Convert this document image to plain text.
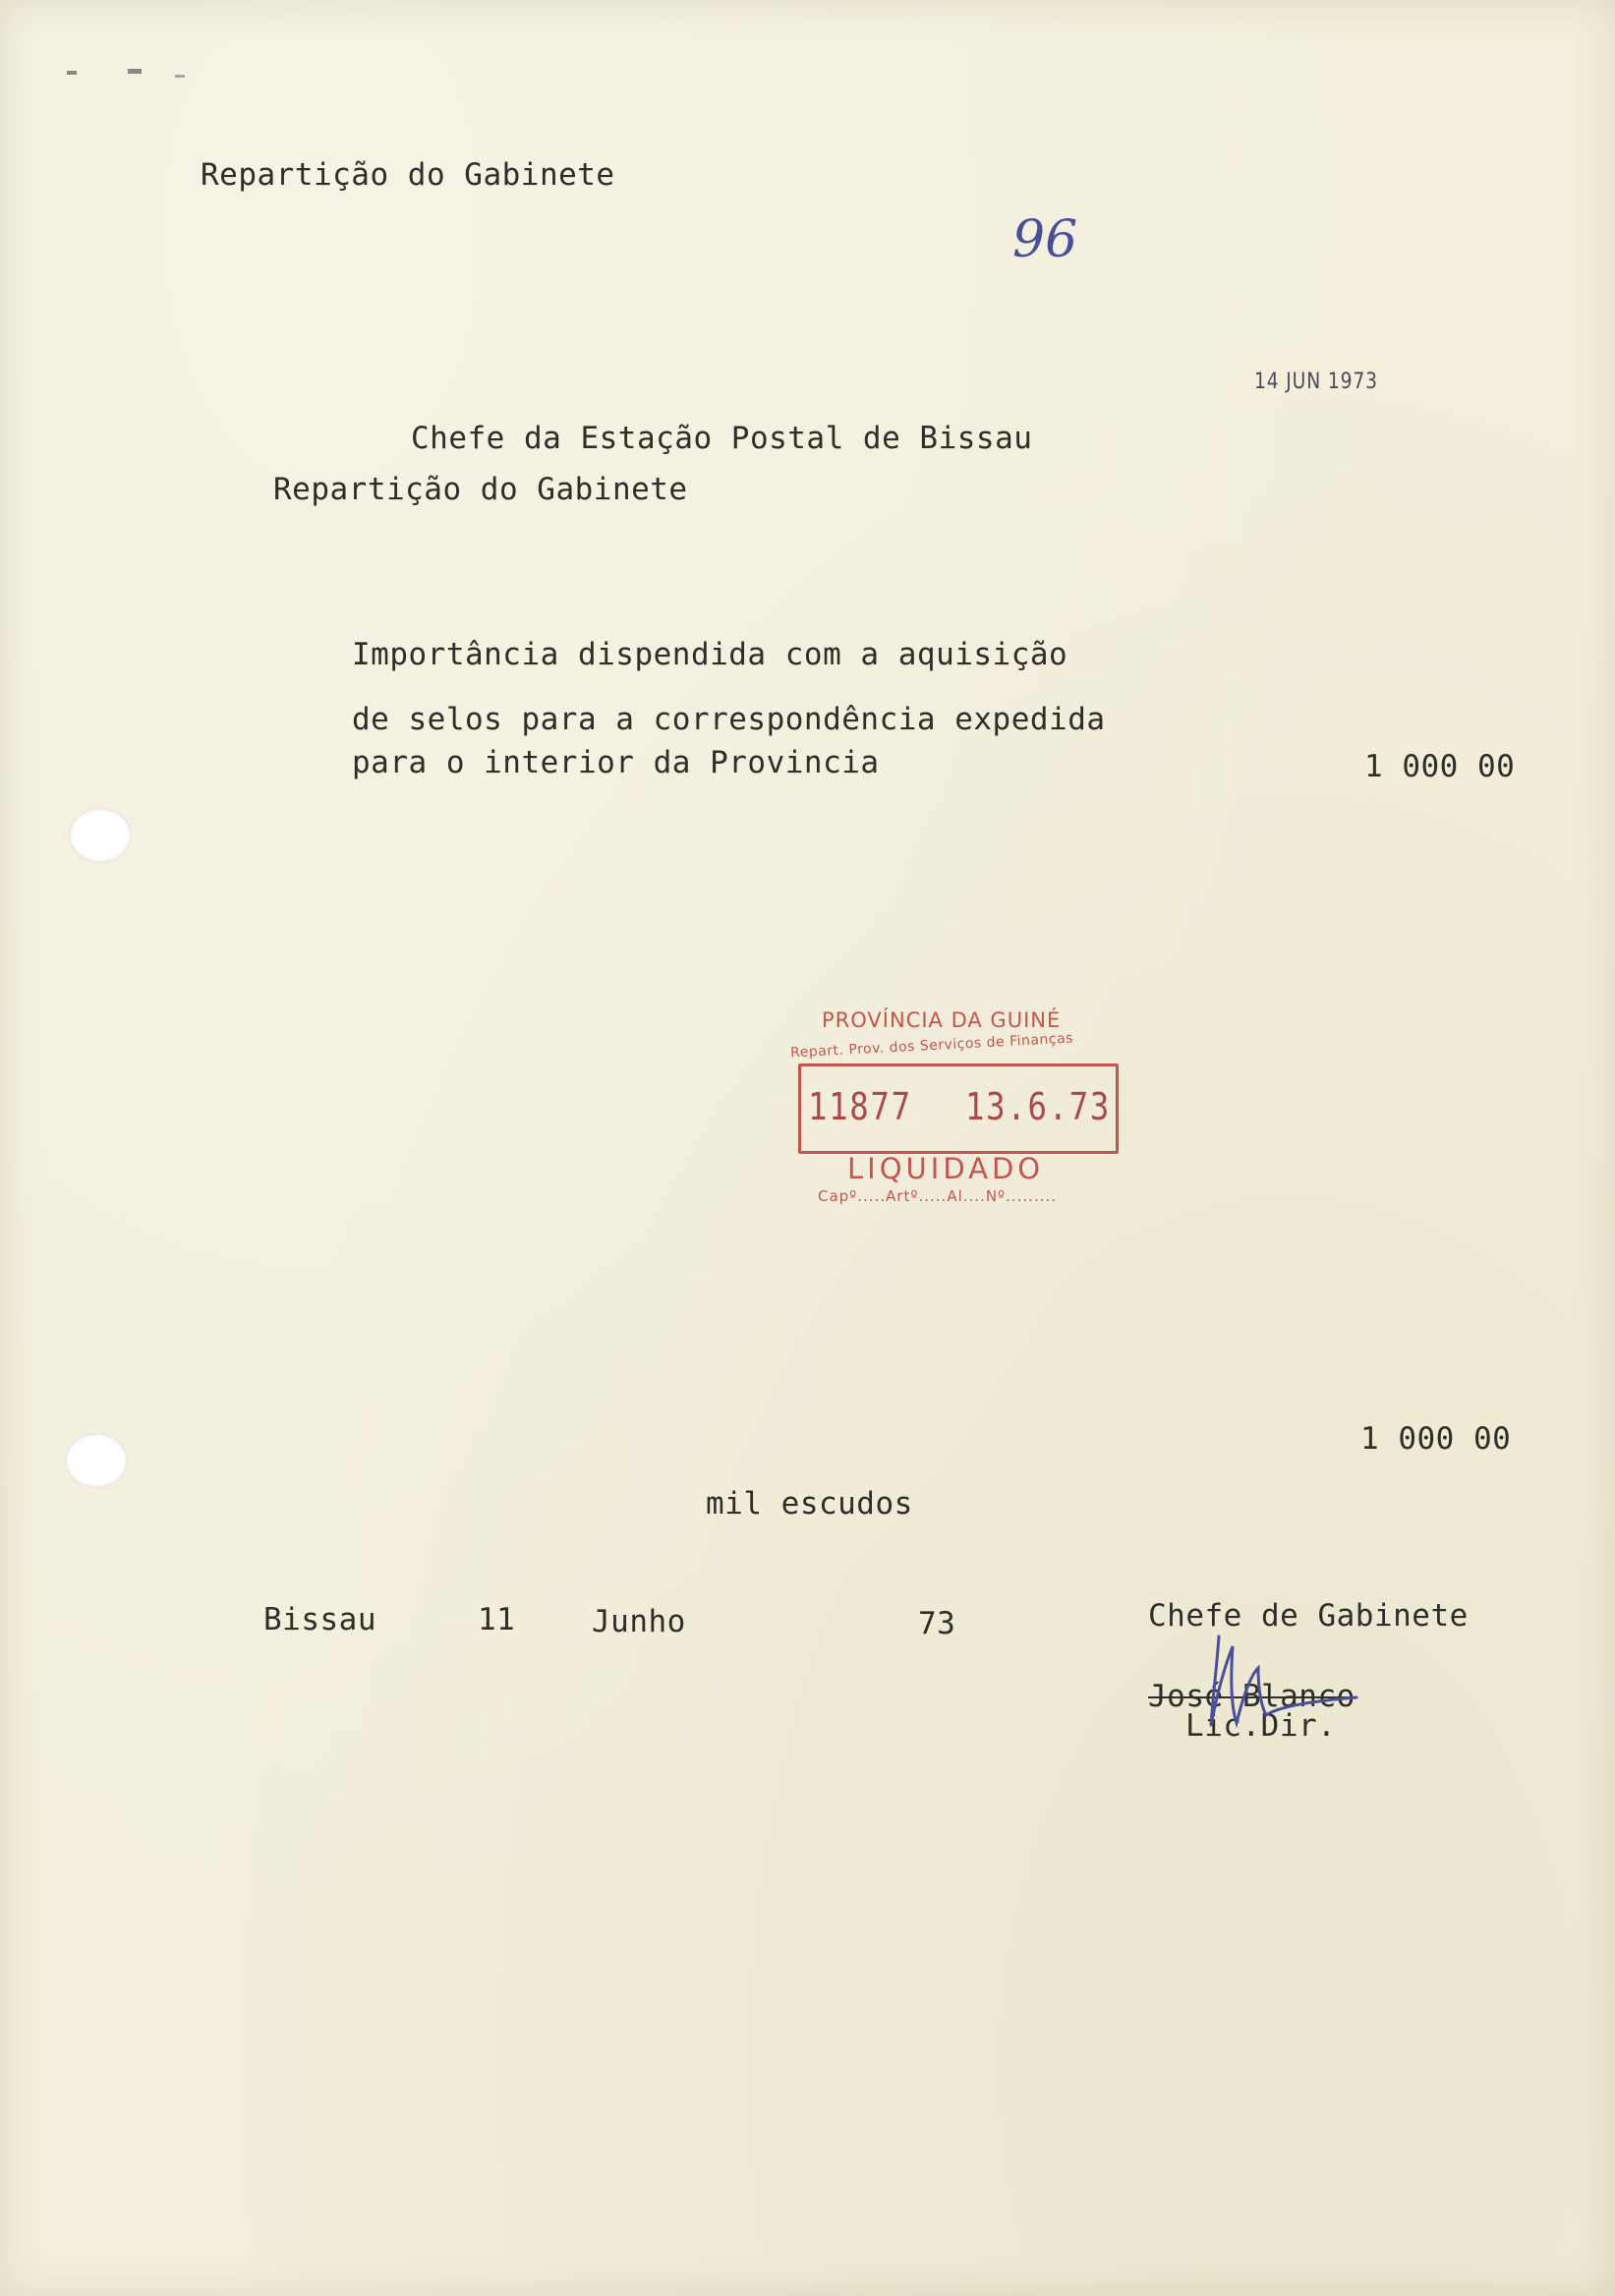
Repartição do Gabinete
96
14 JUN 1973
Chefe da Estação Postal de Bissau
Repartição do Gabinete
Importância dispendida com a aquisição
de selos para a correspondência expedida
para o interior da Provincia	1 000 00
PROVÍNCIA DA GUINÉ
Repart. Prov. dos Serviços de Finanças
11877 13.6.73
LIQUIDADO
Capº.....Artº.....Al....Nº.........
1 000 00
mil escudos
Bissau	11	Junho	73	Chefe de Gabinete
José Blanco
Lic.Dir.
